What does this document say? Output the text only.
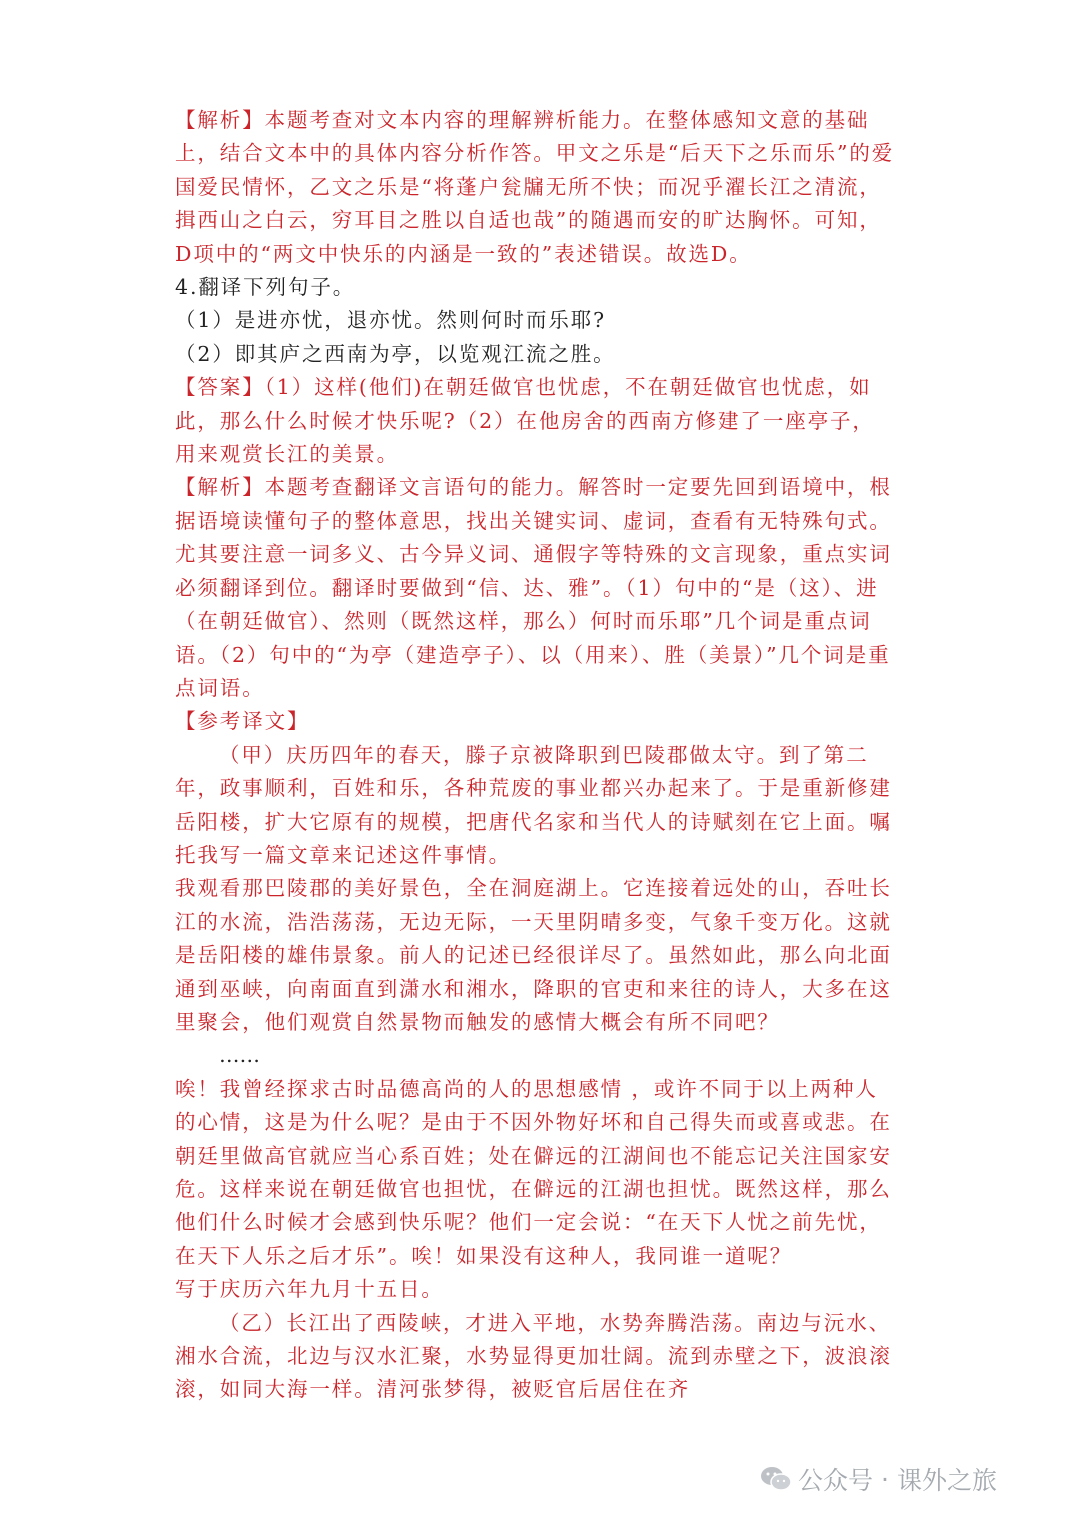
【解析】本题考查对文本内容的理解辨析能力。在整体感知文意的基础上，结合文本中的具体内容分析作答。甲文之乐是“后天下之乐而乐”的爱国爱民情怀，乙文之乐是“将蓬户瓮牖无所不快；而况乎濯长江之清流，揖西山之白云，穷耳目之胜以自适也哉”的随遇而安的旷达胸怀。可知，D项中的“两文中快乐的内涵是一致的”表述错误。故选D。

4.翻译下列句子。

（1）是进亦忧，退亦忧。然则何时而乐耶?

（2）即其庐之西南为亭，以览观江流之胜。

【答案】（1）这样(他们)在朝廷做官也忧虑，不在朝廷做官也忧虑，如此，那么什么时候才快乐呢?（2）在他房舍的西南方修建了一座亭子，用来观赏长江的美景。

【解析】本题考查翻译文言语句的能力。解答时一定要先回到语境中，根据语境读懂句子的整体意思，找出关键实词、虚词，查看有无特殊句式。尤其要注意一词多义、古今异义词、通假字等特殊的文言现象，重点实词必须翻译到位。翻译时要做到“信、达、雅”。（1）句中的“是（这）、进（在朝廷做官）、然则（既然这样，那么）何时而乐耶”几个词是重点词语。（2）句中的“为亭（建造亭子）、以（用来）、胜（美景）”几个词是重点词语。

【参考译文】

（甲）庆历四年的春天，滕子京被降职到巴陵郡做太守。到了第二年，政事顺利，百姓和乐，各种荒废的事业都兴办起来了。于是重新修建岳阳楼，扩大它原有的规模，把唐代名家和当代人的诗赋刻在它上面。嘱托我写一篇文章来记述这件事情。

我观看那巴陵郡的美好景色，全在洞庭湖上。它连接着远处的山，吞吐长江的水流，浩浩荡荡，无边无际，一天里阴晴多变，气象千变万化。这就是岳阳楼的雄伟景象。前人的记述已经很详尽了。虽然如此，那么向北面通到巫峡，向南面直到潇水和湘水，降职的官吏和来往的诗人，大多在这里聚会，他们观赏自然景物而触发的感情大概会有所不同吧？

……

唉！我曾经探求古时品德高尚的人的思想感情 ，或许不同于以上两种人的心情，这是为什么呢？是由于不因外物好坏和自己得失而或喜或悲。在朝廷里做高官就应当心系百姓；处在僻远的江湖间也不能忘记关注国家安危。这样来说在朝廷做官也担忧，在僻远的江湖也担忧。既然这样，那么他们什么时候才会感到快乐呢？他们一定会说：“在天下人忧之前先忧，在天下人乐之后才乐”。唉！如果没有这种人，我同谁一道呢？

写于庆历六年九月十五日。

（乙）长江出了西陵峡，才进入平地，水势奔腾浩荡。南边与沅水、湘水合流，北边与汉水汇聚，水势显得更加壮阔。流到赤壁之下，波浪滚滚，如同大海一样。清河张梦得，被贬官后居住在齐

公众号 · 课外之旅
